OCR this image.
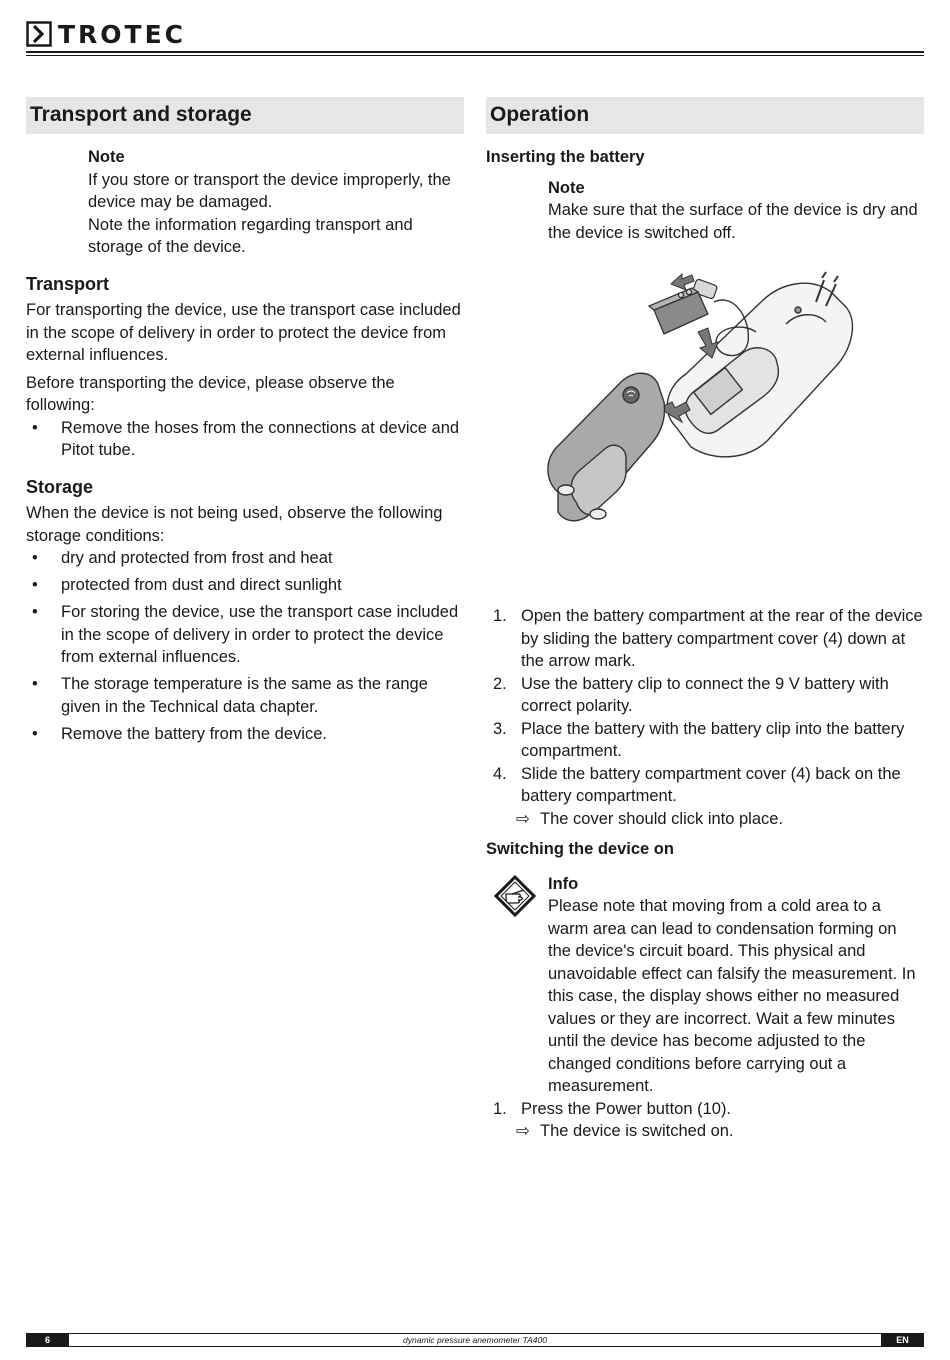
TROTEC
Transport and storage
Note

If you store or transport the device improperly, the device may be damaged.

Note the information regarding transport and storage of the device.

Transport

For transporting the device, use the transport case included in the scope of delivery in order to protect the device from external influences.

Before transporting the device, please observe the following:

• Remove the hoses from the connections at device and Pitot tube.
Storage

When the device is not being used, observe the following storage conditions:

• dry and protected from frost and heat
• protected from dust and direct sunlight
• For storing the device, use the transport case included in the scope of delivery in order to protect the device from external influences.
• The storage temperature is the same as the range given in the Technical data chapter.
• Remove the battery from the device.
Operation
Inserting the battery
Note

Make sure that the surface of the device is dry and the device is switched off.

1. Open the battery compartment at the rear of the device by sliding the battery compartment cover (4) down at the arrow mark.
2. Use the battery clip to connect the 9 V battery with correct polarity.
3. Place the battery with the battery clip into the battery compartment.
4. Slide the battery compartment cover (4) back on the battery compartment.
⇨ The cover should click into place.
Switching the device on
Info

Please note that moving from a cold area to a warm area can lead to condensation forming on the device's circuit board. This physical and unavoidable effect can falsify the measurement. In this case, the display shows either no measured values or they are incorrect. Wait a few minutes until the device has become adjusted to the changed conditions before carrying out a measurement.

1. Press the Power button (10).
⇨ The device is switched on.
6	dynamic pressure anemometer TA400	EN
